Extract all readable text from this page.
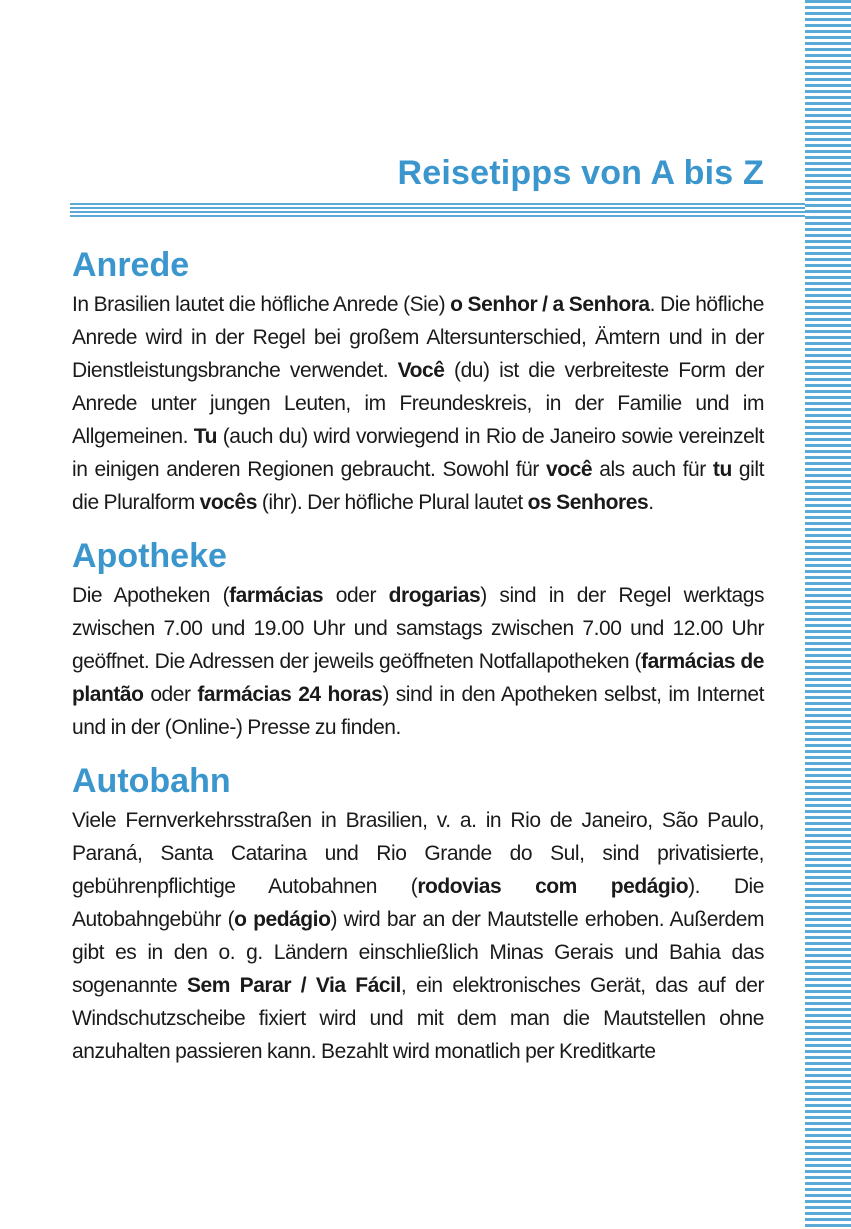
Reisetipps von A bis Z
Anrede

In Brasilien lautet die höfliche Anrede (Sie) o Senhor / a Senhora. Die höfliche Anrede wird in der Regel bei großem Altersunterschied, Ämtern und in der Dienstleistungsbranche verwendet. Você (du) ist die verbreiteste Form der Anrede unter jungen Leuten, im Freundeskreis, in der Familie und im Allgemeinen. Tu (auch du) wird vorwiegend in Rio de Janeiro sowie vereinzelt in einigen anderen Regionen gebraucht. Sowohl für você als auch für tu gilt die Pluralform vocês (ihr). Der höfliche Plural lautet os Senhores.

Apotheke

Die Apotheken (farmácias oder drogarias) sind in der Regel werktags zwischen 7.00 und 19.00 Uhr und samstags zwischen 7.00 und 12.00 Uhr geöffnet. Die Adressen der jeweils geöffneten Notfallapotheken (farmácias de plantão oder farmácias 24 horas) sind in den Apotheken selbst, im Internet und in der (Online-) Presse zu finden.

Autobahn

Viele Fernverkehrsstraßen in Brasilien, v. a. in Rio de Janeiro, São Paulo, Paraná, Santa Catarina und Rio Grande do Sul, sind privatisierte, gebührenpflichtige Autobahnen (rodovias com pedágio). Die Autobahngebühr (o pedágio) wird bar an der Mautstelle erhoben. Außerdem gibt es in den o. g. Ländern einschließlich Minas Gerais und Bahia das sogenannte Sem Parar / Via Fácil, ein elektronisches Gerät, das auf der Windschutzscheibe fixiert wird und mit dem man die Mautstellen ohne anzuhalten passieren kann. Bezahlt wird monatlich per Kreditkarte
